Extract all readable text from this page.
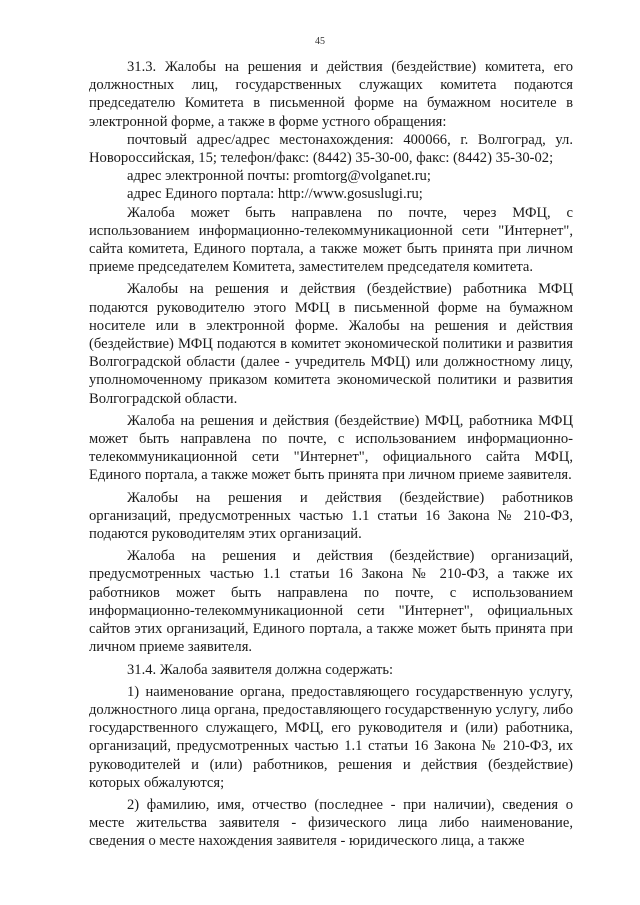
45

31.3. Жалобы на решения и действия (бездействие) комитета, его должностных лиц, государственных служащих комитета подаются председателю Комитета в письменной форме на бумажном носителе в электронной форме, а также в форме устного обращения:

почтовый адрес/адрес местонахождения: 400066, г. Волгоград, ул. Новороссийская, 15; телефон/факс: (8442) 35-30-00, факс: (8442) 35-30-02;

адрес электронной почты: promtorg@volganet.ru;

адрес Единого портала: http://www.gosuslugi.ru;

Жалоба может быть направлена по почте, через МФЦ, с использованием информационно-телекоммуникационной сети "Интернет", сайта комитета, Единого портала, а также может быть принята при личном приеме председателем Комитета, заместителем председателя комитета.

Жалобы на решения и действия (бездействие) работника МФЦ подаются руководителю этого МФЦ в письменной форме на бумажном носителе или в электронной форме. Жалобы на решения и действия (бездействие) МФЦ подаются в комитет экономической политики и развития Волгоградской области (далее - учредитель МФЦ) или должностному лицу, уполномоченному приказом комитета экономической политики и развития Волгоградской области.

Жалоба на решения и действия (бездействие) МФЦ, работника МФЦ может быть направлена по почте, с использованием информационно-телекоммуникационной сети "Интернет", официального сайта МФЦ, Единого портала, а также может быть принята при личном приеме заявителя.

Жалобы на решения и действия (бездействие) работников организаций, предусмотренных частью 1.1 статьи 16 Закона № 210-ФЗ, подаются руководителям этих организаций.

Жалоба на решения и действия (бездействие) организаций, предусмотренных частью 1.1 статьи 16 Закона № 210-ФЗ, а также их работников может быть направлена по почте, с использованием информационно-телекоммуникационной сети "Интернет", официальных сайтов этих организаций, Единого портала, а также может быть принята при личном приеме заявителя.

31.4. Жалоба заявителя должна содержать:

1) наименование органа, предоставляющего государственную услугу, должностного лица органа, предоставляющего государственную услугу, либо государственного служащего, МФЦ, его руководителя и (или) работника, организаций, предусмотренных частью 1.1 статьи 16 Закона № 210-ФЗ, их руководителей и (или) работников, решения и действия (бездействие) которых обжалуются;

2) фамилию, имя, отчество (последнее - при наличии), сведения о месте жительства заявителя - физического лица либо наименование, сведения о месте нахождения заявителя - юридического лица, а также
